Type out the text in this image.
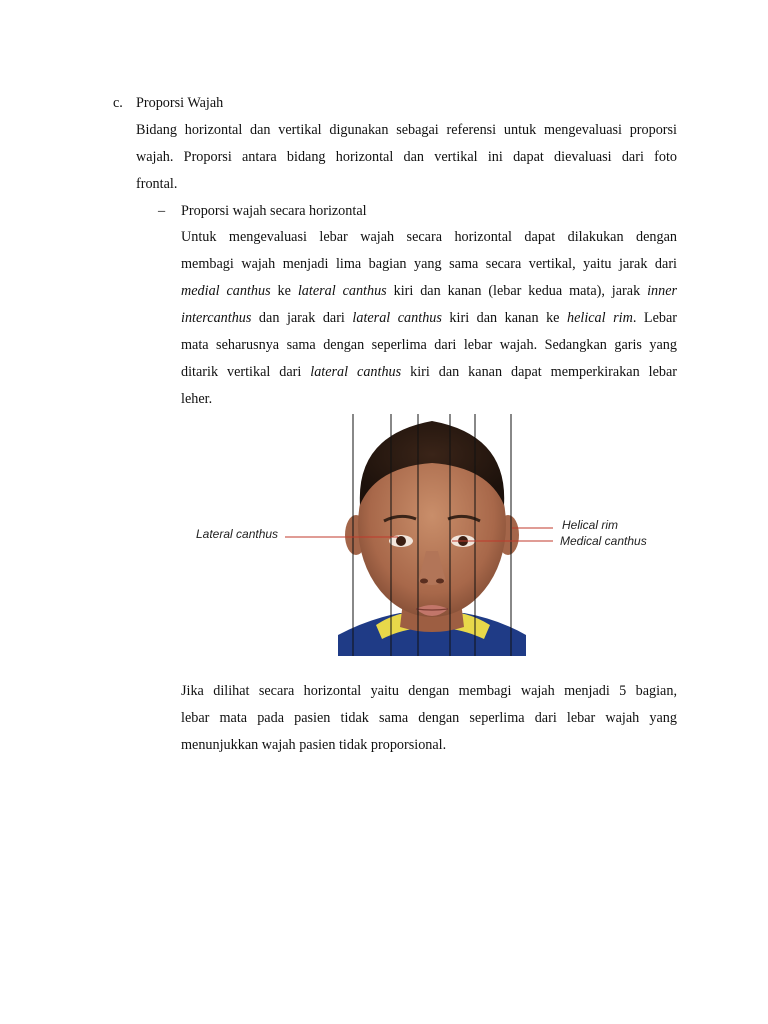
c. Proporsi Wajah
Bidang horizontal dan vertikal digunakan sebagai referensi untuk mengevaluasi proporsi
wajah. Proporsi antara bidang horizontal dan vertikal ini dapat dievaluasi dari foto
frontal.
– Proporsi wajah secara horizontal
Untuk mengevaluasi lebar wajah secara horizontal dapat dilakukan dengan
membagi wajah menjadi lima bagian yang sama secara vertikal, yaitu jarak dari
medial canthus ke lateral canthus kiri dan kanan (lebar kedua mata), jarak inner
intercanthus dan jarak dari lateral canthus kiri dan kanan ke helical rim. Lebar
mata seharusnya sama dengan seperlima dari lebar wajah. Sedangkan garis yang
ditarik vertikal dari lateral canthus kiri dan kanan dapat memperkirakan lebar
leher.
Lateral canthus
Helical rim
Medical canthus
Jika dilihat secara horizontal yaitu dengan membagi wajah menjadi 5 bagian,
lebar mata pada pasien tidak sama dengan seperlima dari lebar wajah yang
menunjukkan wajah pasien tidak proporsional.
